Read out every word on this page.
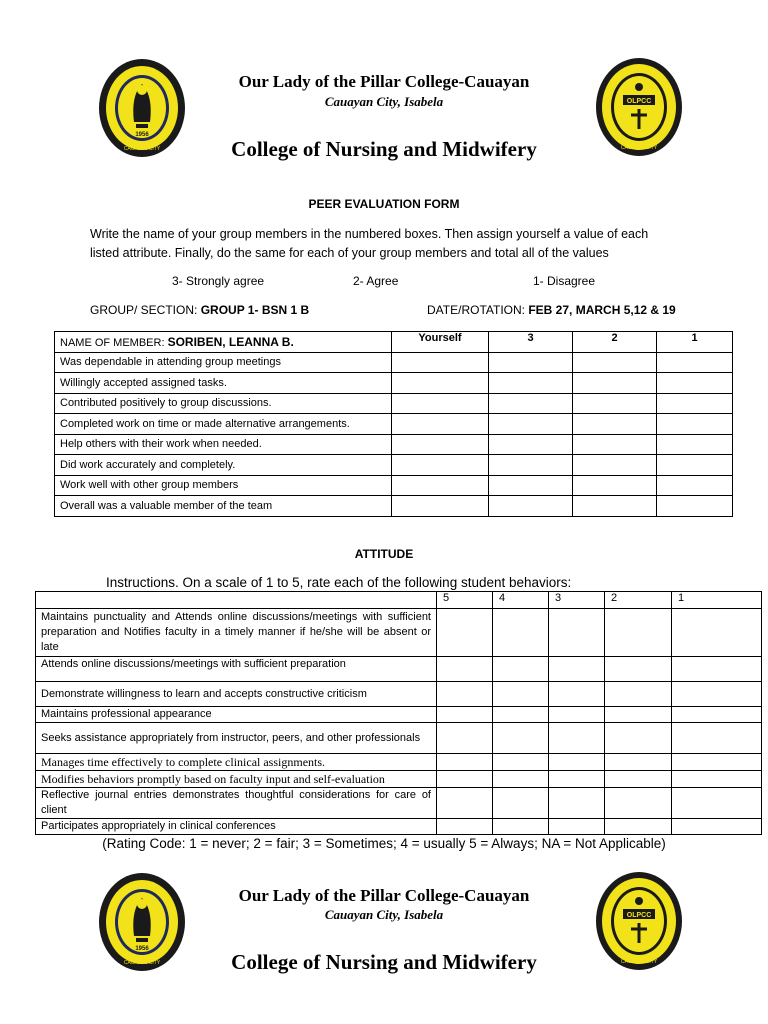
1956
CAUAYAN CITY
Our Lady of the Pillar College-Cauayan
Cauayan City, Isabela
College of Nursing and Midwifery
OLPCC
CAUAYAN CITY
PEER EVALUATION FORM
Write the name of your group members in the numbered boxes. Then assign yourself a value of each listed attribute. Finally, do the same for each of your group members and total all of the values
3- Strongly agree	2- Agree	1- Disagree
GROUP/ SECTION: GROUP 1- BSN 1 B	DATE/ROTATION: FEB 27, MARCH 5,12 & 19
NAME OF MEMBER: SORIBEN, LEANNA B.	Yourself	3	2	1
Was dependable in attending group meetings				
Willingly accepted assigned tasks.				
Contributed positively to group discussions.				
Completed work on time or made alternative arrangements.				
Help others with their work when needed.				
Did work accurately and completely.				
Work well with other group members				
Overall was a valuable member of the team				
ATTITUDE
Instructions. On a scale of 1 to 5, rate each of the following student behaviors:
	5	4	3	2	1
Maintains punctuality and Attends online discussions/meetings with sufficient preparation and Notifies faculty in a timely manner if he/she will be absent or late					
Attends online discussions/meetings with sufficient preparation					
Demonstrate willingness to learn and accepts constructive criticism					
Maintains professional appearance					
Seeks assistance appropriately from instructor, peers, and other professionals					
Manages time effectively to complete clinical assignments.					
Modifies behaviors promptly based on faculty input and self-evaluation					
Reflective journal entries demonstrates thoughtful considerations for care of client					
Participates appropriately in clinical conferences					
(Rating Code: 1 = never; 2 = fair; 3 = Sometimes; 4 = usually 5 = Always; NA = Not Applicable)
1956
CAUAYAN CITY
Our Lady of the Pillar College-Cauayan
Cauayan City, Isabela
College of Nursing and Midwifery
OLPCC
CAUAYAN CITY
